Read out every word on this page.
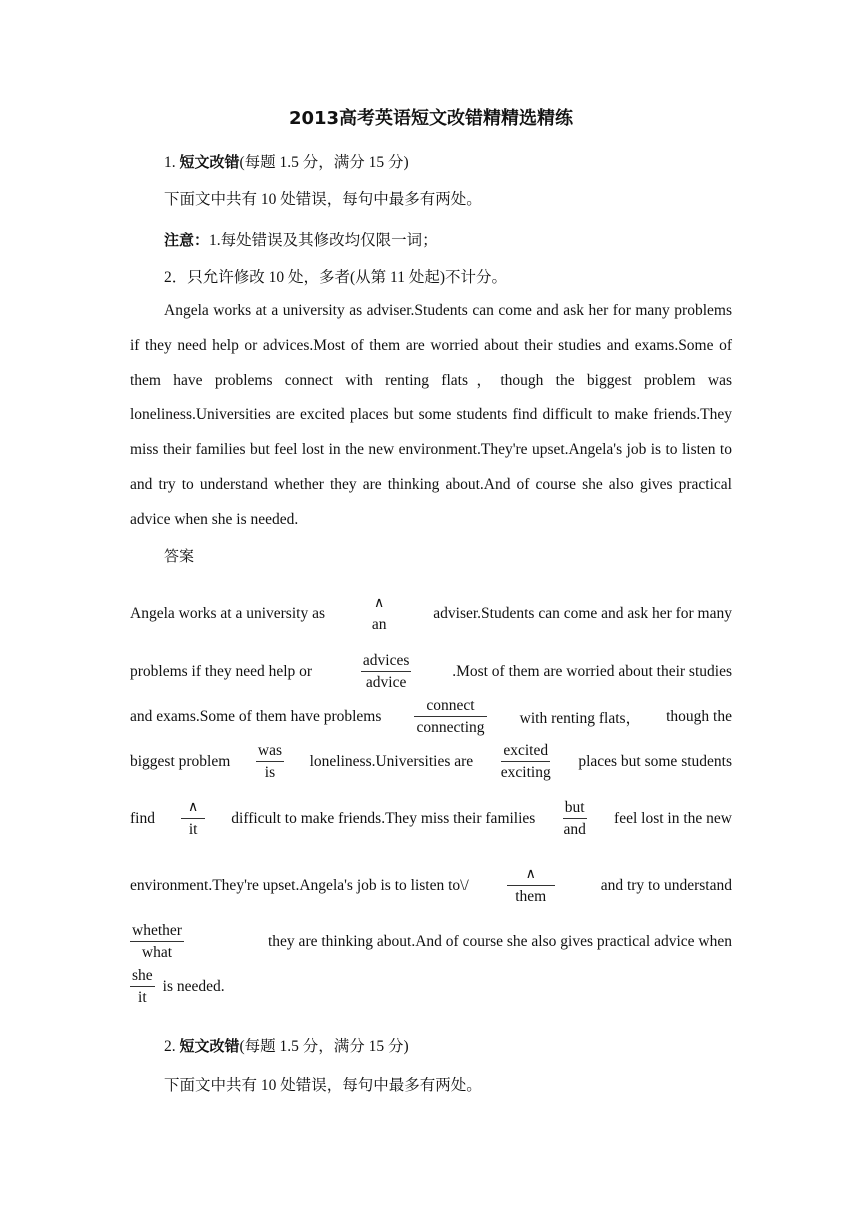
2013高考英语短文改错精精选精练
1. 短文改错(每题 1.5 分，满分 15 分)
下面文中共有 10 处错误，每句中最多有两处。
注意：1.每处错误及其修改均仅限一词；
2．只允许修改 10 处，多者(从第 11 处起)不计分。
Angela works at a university as adviser.Students can come and ask her for many problems if they need help or advices.Most of them are worried about their studies and exams.Some of them have problems connect with renting flats，though the biggest problem was loneliness.Universities are excited places but some students find difficult to make friends.They miss their families but feel lost in the new environment.They're upset.Angela's job is to listen to and try to understand whether they are thinking about.And of course she also gives practical advice when she is needed.
答案
Angela works at a university as
∧
an
adviser.Students can come and ask her for many
problems if they need help or
advices
advice
.Most of them are worried about their studies
and exams.Some of them have problems
connect
connecting
with renting flats， though the
biggest problem
was
is
loneliness.Universities are
excited
exciting
places but some students
find
∧
it
difficult to make friends.They miss their families
but
and
feel lost in the new
environment.They're upset.Angela's job is to listen to\/
∧
them
and try to understand
whether
what
they are thinking about.And of course she also gives practical advice when
she
it
is needed.
2. 短文改错(每题 1.5 分，满分 15 分)
下面文中共有 10 处错误，每句中最多有两处。
